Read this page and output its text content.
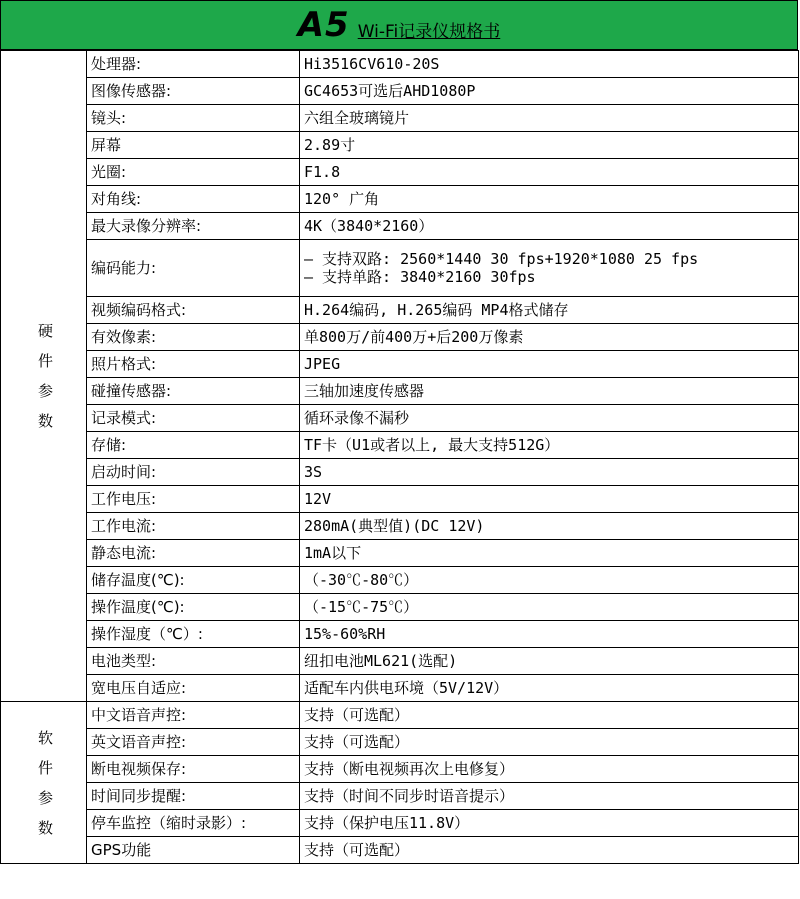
A5 Wi-Fi记录仪规格书
硬
件
参
数	处理器:	Hi3516CV610-20S

	图像传感器:	GC4653可选后AHD1080P

	镜头:	六组全玻璃镜片

	屏幕	2.89寸

	光圈:	F1.8

	对角线:	120° 广角

	最大录像分辨率:	4K（3840*2160）

	编码能力:	– 支持双路: 2560*1440 30 fps+1920*1080 25 fps
– 支持单路: 3840*2160 30fps

	视频编码格式:	H.264编码, H.265编码 MP4格式储存

	有效像素:	单800万/前400万+后200万像素

	照片格式:	JPEG

	碰撞传感器:	三轴加速度传感器

	记录模式:	循环录像不漏秒

	存储:	TF卡（U1或者以上, 最大支持512G）

	启动时间:	3S

	工作电压:	12V

	工作电流:	280mA(典型值)(DC 12V)

	静态电流:	1mA以下

	储存温度(℃):	（-30℃-80℃）

	操作温度(℃):	（-15℃-75℃）

	操作湿度（℃）:	15%-60%RH

	电池类型:	纽扣电池ML621(选配)

	宽电压自适应:	适配车内供电环境（5V/12V）

软
件
参
数	中文语音声控:	支持（可选配）

	英文语音声控:	支持（可选配）

	断电视频保存:	支持（断电视频再次上电修复）

	时间同步提醒:	支持（时间不同步时语音提示）

	停车监控（缩时录影）:	支持（保护电压11.8V）

	GPS功能	支持（可选配）
